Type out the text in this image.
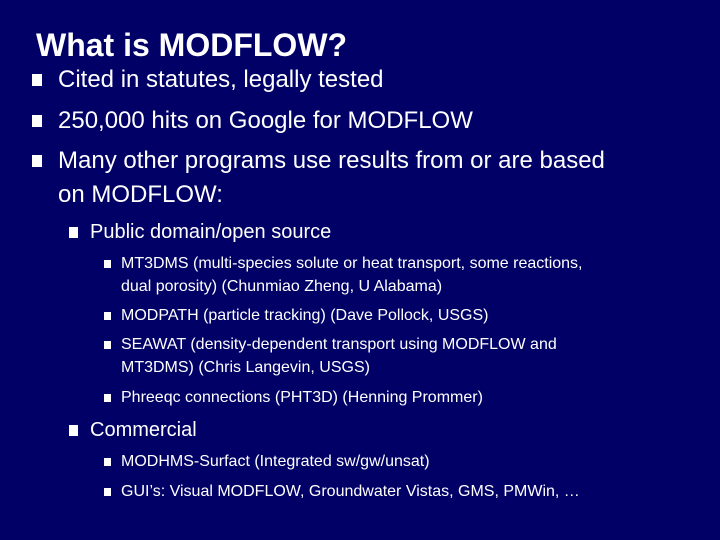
What is MODFLOW?
Cited in statutes, legally tested
250,000 hits on Google for MODFLOW
Many other programs use results from or are based
on MODFLOW:
Public domain/open source
MT3DMS (multi-species solute or heat transport, some reactions,
dual porosity) (Chunmiao Zheng, U Alabama)
MODPATH (particle tracking) (Dave Pollock, USGS)
SEAWAT (density-dependent transport using MODFLOW and
MT3DMS) (Chris Langevin, USGS)
Phreeqc connections (PHT3D) (Henning Prommer)
Commercial
MODHMS-Surfact (Integrated sw/gw/unsat)
GUI’s: Visual MODFLOW, Groundwater Vistas, GMS, PMWin, …
